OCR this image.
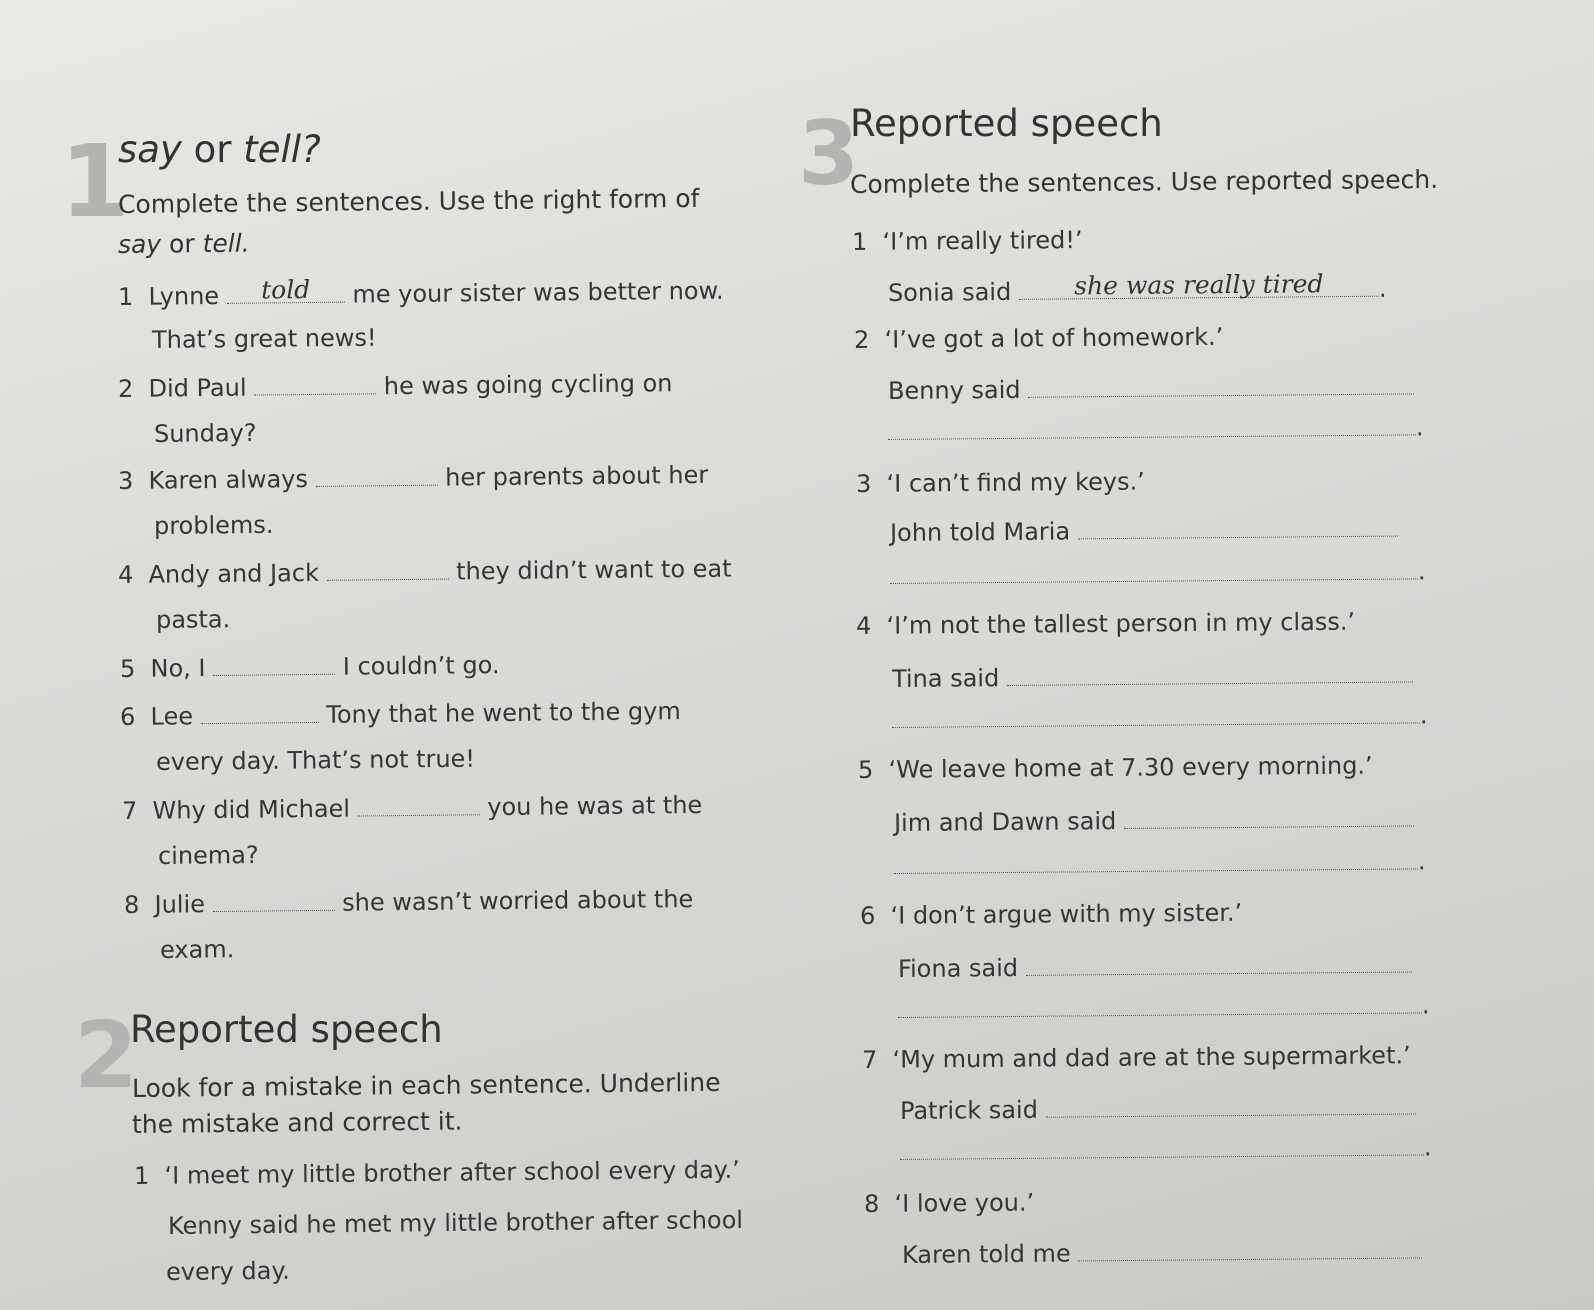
1
say or tell?
Complete the sentences. Use the right form of
say or tell.
1 Lynne	told	me your sister was better now.
That’s great news!
2 Did Paul	he was going cycling on
Sunday?
3 Karen always	her parents about her
problems.
4 Andy and Jack	they didn’t want to eat
pasta.
5 No, I	I couldn’t go.
6 Lee	Tony that he went to the gym
every day. That’s not true!
7 Why did Michael	you he was at the
cinema?
8 Julie	she wasn’t worried about the
exam.
2
Reported speech
Look for a mistake in each sentence. Underline
the mistake and correct it.
1 ‘I meet my little brother after school every day.’
Kenny said he met my little brother after school
every day.
3
Reported speech
Complete the sentences. Use reported speech.
1 ‘I’m really tired!’
Sonia said	she was really tired	.
2 ‘I’ve got a lot of homework.’
Benny said
.
3 ‘I can’t find my keys.’
John told Maria
.
4 ‘I’m not the tallest person in my class.’
Tina said
.
5 ‘We leave home at 7.30 every morning.’
Jim and Dawn said
.
6 ‘I don’t argue with my sister.’
Fiona said
.
7 ‘My mum and dad are at the supermarket.’
Patrick said
.
8 ‘I love you.’
Karen told me
